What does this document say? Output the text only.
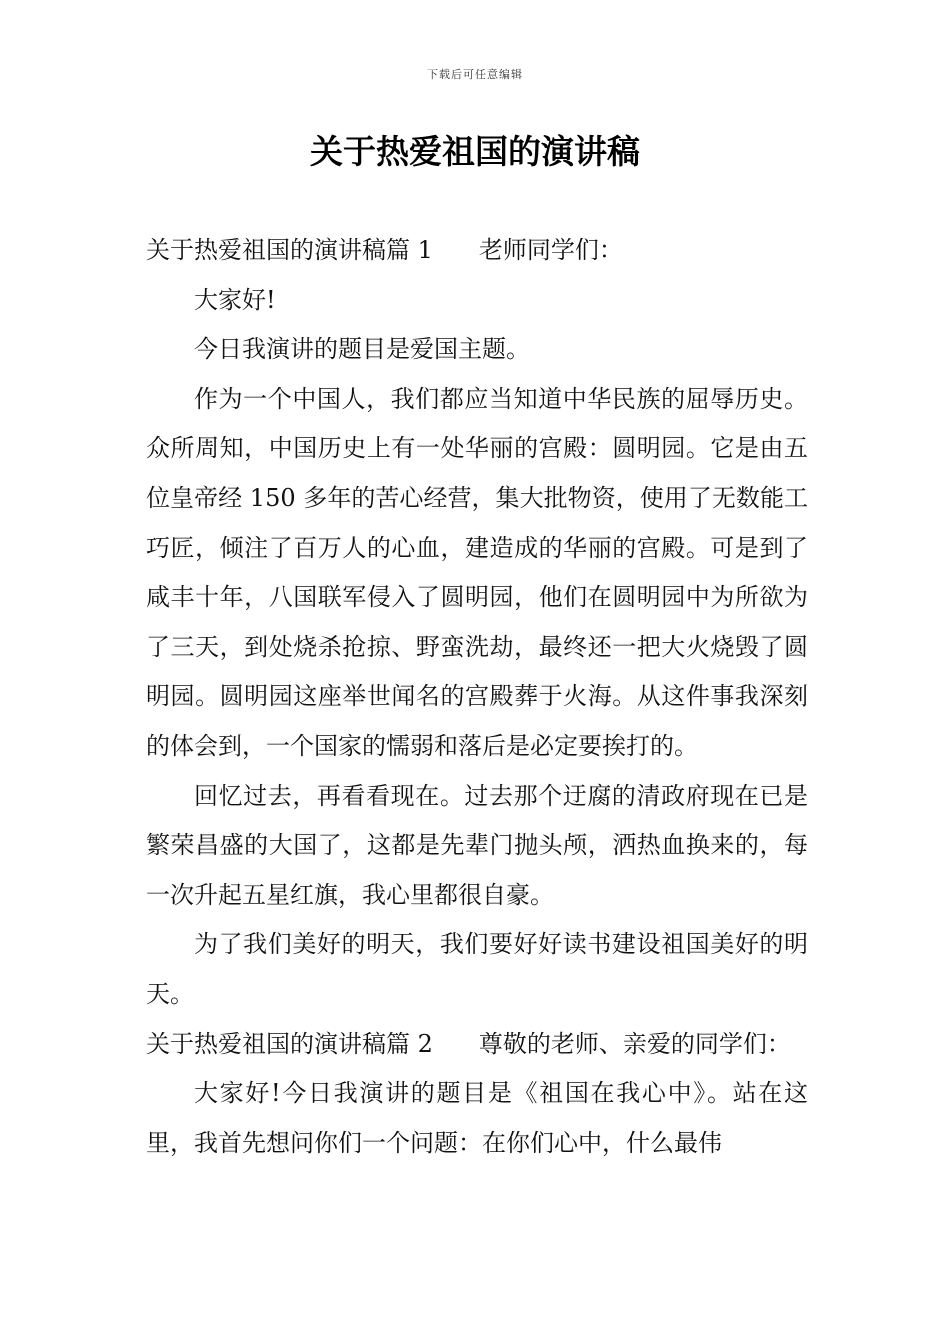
下载后可任意编辑
关于热爱祖国的演讲稿

关于热爱祖国的演讲稿篇 1 老师同学们：

大家好!

今日我演讲的题目是爱国主题。

作为一个中国人，我们都应当知道中华民族的屈辱历史。众所周知，中国历史上有一处华丽的宫殿：圆明园。它是由五位皇帝经 150 多年的苦心经营，集大批物资，使用了无数能工巧匠，倾注了百万人的心血，建造成的华丽的宫殿。可是到了咸丰十年，八国联军侵入了圆明园，他们在圆明园中为所欲为了三天，到处烧杀抢掠、野蛮洗劫，最终还一把大火烧毁了圆明园。圆明园这座举世闻名的宫殿葬于火海。从这件事我深刻的体会到，一个国家的懦弱和落后是必定要挨打的。

回忆过去，再看看现在。过去那个迂腐的清政府现在已是繁荣昌盛的大国了，这都是先辈门抛头颅，洒热血换来的，每一次升起五星红旗，我心里都很自豪。

为了我们美好的明天，我们要好好读书建设祖国美好的明天。

关于热爱祖国的演讲稿篇 2 尊敬的老师、亲爱的同学们：

大家好!今日我演讲的题目是《祖国在我心中》。站在这里，我首先想问你们一个问题：在你们心中，什么最伟
